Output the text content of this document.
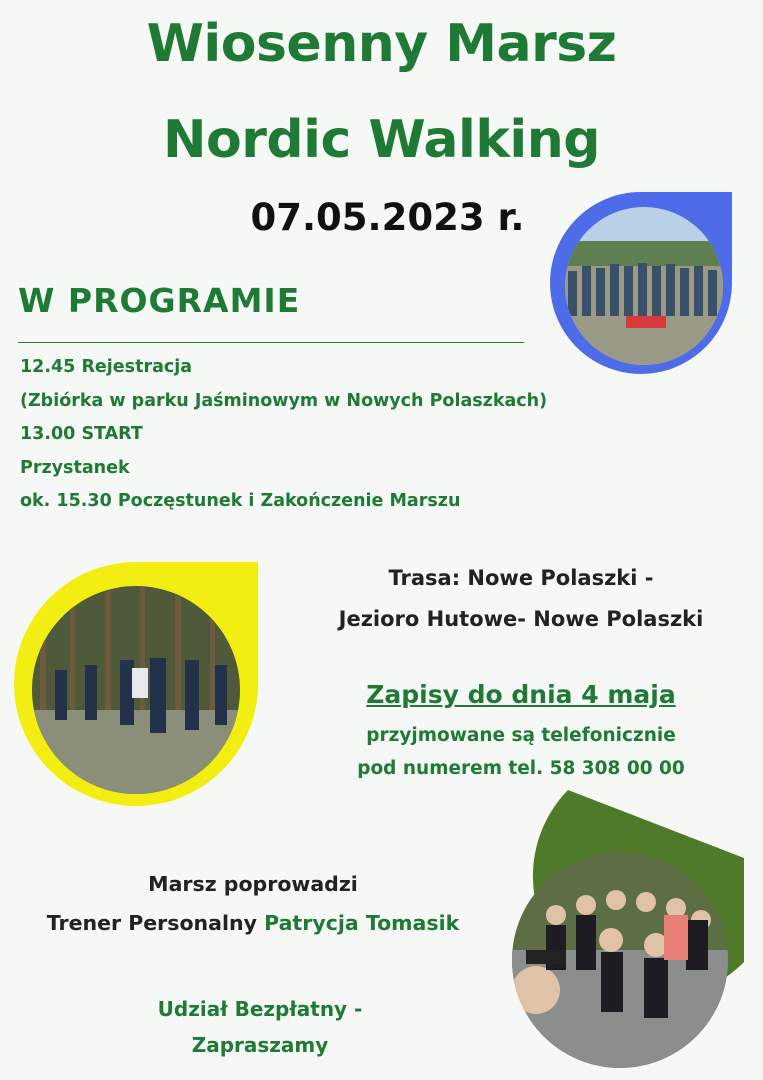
Wiosenny Marsz
Nordic Walking
07.05.2023 r.
W PROGRAMIE
12.45 Rejestracja
(Zbiórka w parku Jaśminowym w Nowych Polaszkach)
13.00 START
Przystanek
ok. 15.30 Poczęstunek i Zakończenie Marszu
Trasa: Nowe Polaszki -
Jezioro Hutowe- Nowe Polaszki
Zapisy do dnia 4 maja
przyjmowane są telefonicznie
pod numerem tel. 58 308 00 00
Marsz poprowadzi
Trener Personalny Patrycja Tomasik
Udział Bezpłatny -
Zapraszamy
